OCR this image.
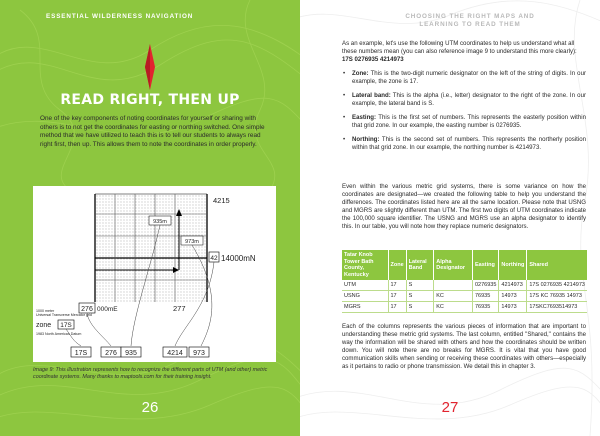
ESSENTIAL WILDERNESS NAVIGATION
READ RIGHT, THEN UP
One of the key components of noting coordinates for yourself or sharing with others is to not get the coordinates for easting or northing switched. One simple method that we have utilized to teach this is to tell our students to always read right first, then up. This allows them to note the coordinates in order properly.
935m
973m
4215
42 14000mN
276 000mE	277
1000 meter
Universal Transverse Mercator grid
zone 17S
1983 North American Datum
17S	276 935	4214 973
Image 9: This illustration represents how to recognize the different parts of UTM (and other) metric coordinate systems. Many thanks to maptools.com for their training insight.
26
CHOOSING THE RIGHT MAPS AND
LEARNING TO READ THEM
As an example, let's use the following UTM coordinates to help us understand what all these numbers mean (you can also reference image 9 to understand this more clearly): 17S 0276935 4214973
• Zone: This is the two-digit numeric designator on the left of the string of digits. In our example, the zone is 17.
• Lateral band: This is the alpha (i.e., letter) designator to the right of the zone. In our example, the lateral band is S.
• Easting: This is the first set of numbers. This represents the easterly position within that grid zone. In our example, the easting number is 0276935.
• Northing: This is the second set of numbers. This represents the northerly position within that grid zone. In our example, the northing number is 4214973.
Even within the various metric grid systems, there is some variance on how the coordinates are designated—we created the following table to help you understand the differences. The coordinates listed here are all the same location. Please note that USNG and MGRS are slightly different than UTM. The first two digits of UTM coordinates indicate the 100,000 square identifier. The USNG and MGRS use an alpha designator to identify this. In our table, you will note how they replace numeric designators.
Tatar Knob Tower Bath County, Kentucky	Zone	Lateral Band	Alpha Designator	Easting	Northing	Shared
UTM	17	S		0276935	4214973	17S 0276935 4214973
USNG	17	S	KC	76935	14973	17S KC 76935 14973
MGRS	17	S	KC	76935	14973	17SKC7693514973
Each of the columns represents the various pieces of information that are important to understanding these metric grid systems. The last column, entitled "Shared," contains the way the information will be shared with others and how the coordinates should be written down. You will note there are no breaks for MGRS. It is vital that you have good communication skills when sending or receiving these coordinates with others—especially as it pertains to radio or phone transmission. We detail this in chapter 3.
27
